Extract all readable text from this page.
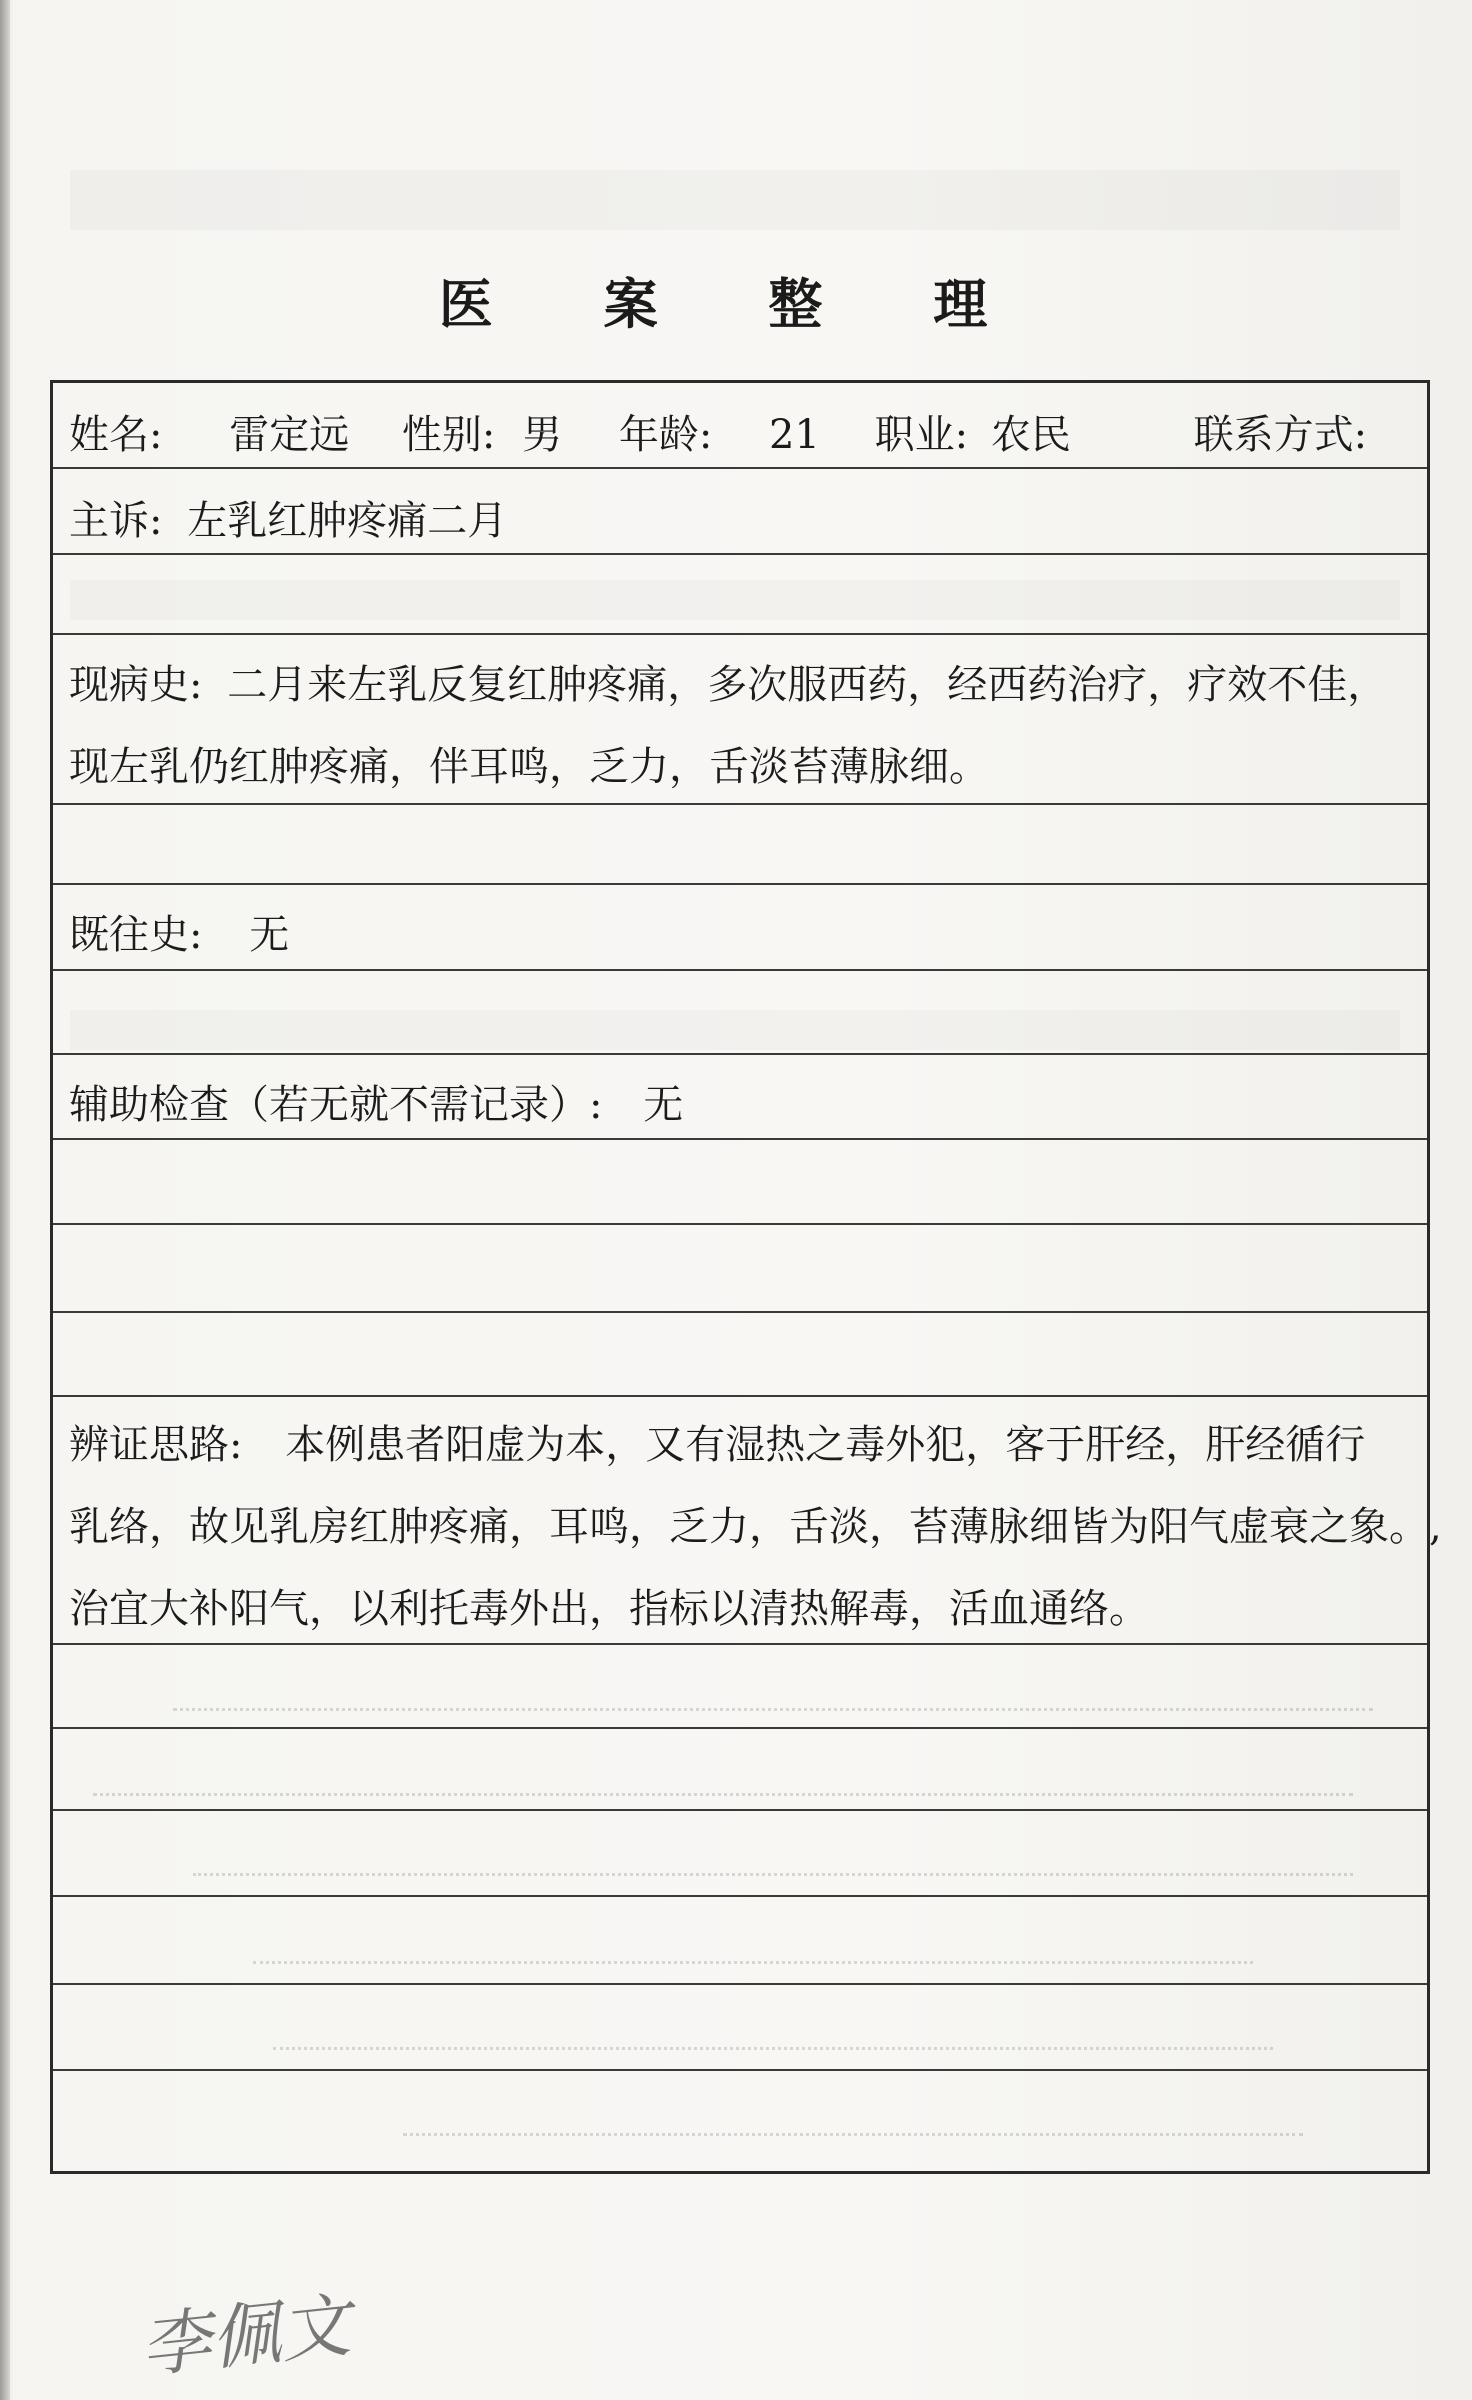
医 案 整 理
姓名: 雷定远 性别: 男 年龄: 21 职业: 农民	联系方式:
主诉: 左乳红肿疼痛二月
现病史: 二月来左乳反复红肿疼痛，多次服西药，经西药治疗，疗效不佳，
现左乳仍红肿疼痛，伴耳鸣，乏力，舌淡苔薄脉细。
既往史: 无
辅助检查（若无就不需记录）: 无
辨证思路: 本例患者阳虚为本，又有湿热之毒外犯，客于肝经，肝经循行
乳络，故见乳房红肿疼痛，耳鸣，乏力，舌淡，苔薄脉细皆为阳气虚衰之象。,
治宜大补阳气，以利托毒外出，指标以清热解毒，活血通络。
李佩文
